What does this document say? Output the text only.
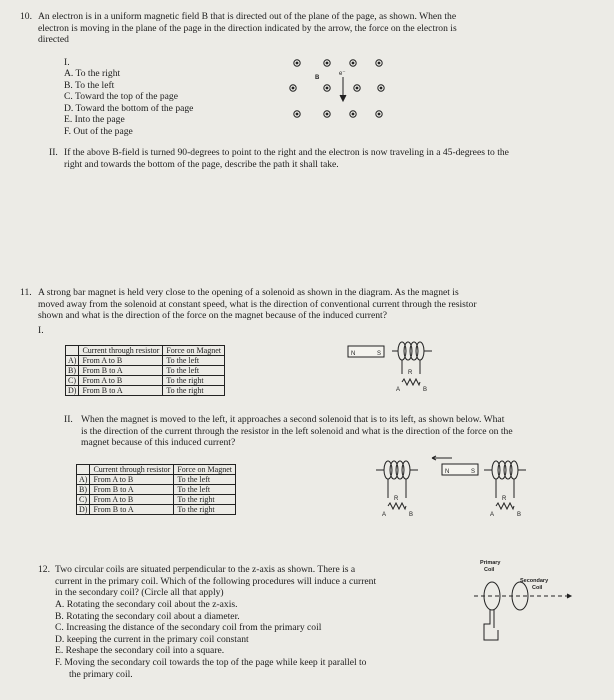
10. An electron is in a uniform magnetic field B that is directed out of the plane of the page, as shown. When the
electron is moving in the plane of the page in the direction indicated by the arrow, the force on the electron is
directed
I.
A. To the right
B. To the left
C. Toward the top of the page
D. Toward the bottom of the page
E. Into the page
F. Out of the page
B
e⁻
II. If the above B-field is turned 90-degrees to point to the right and the electron is now traveling in a 45-degrees to the
right and towards the bottom of the page, describe the path it shall take.
11. A strong bar magnet is held very close to the opening of a solenoid as shown in the diagram. As the magnet is
moved away from the solenoid at constant speed, what is the direction of conventional current through the resistor
shown and what is the direction of the force on the magnet because of the induced current?
I.
	Current through resistor	Force on Magnet
A)	From A to B	To the left
B)	From B to A	To the left
C)	From A to B	To the right
D)	From B to A	To the right
N	S
R
A	B
II. When the magnet is moved to the left, it approaches a second solenoid that is to its left, as shown below. What
is the direction of the current through the resistor in the left solenoid and what is the direction of the force on the
magnet because of this induced current?
	Current through resistor	Force on Magnet
A)	From A to B	To the left
B)	From B to A	To the left
C)	From A to B	To the right
D)	From B to A	To the right
R
A	B
N	S
R
A	B
12. Two circular coils are situated perpendicular to the z-axis as shown. There is a
current in the primary coil. Which of the following procedures will induce a current
in the secondary coil? (Circle all that apply)
A. Rotating the secondary coil about the z-axis.
B. Rotating the secondary coil about a diameter.
C. Increasing the distance of the secondary coil from the primary coil
D. keeping the current in the primary coil constant
E. Reshape the secondary coil into a square.
F. Moving the secondary coil towards the top of the page while keep it parallel to
the primary coil.
Primary
Coil
Secondary
Coil
